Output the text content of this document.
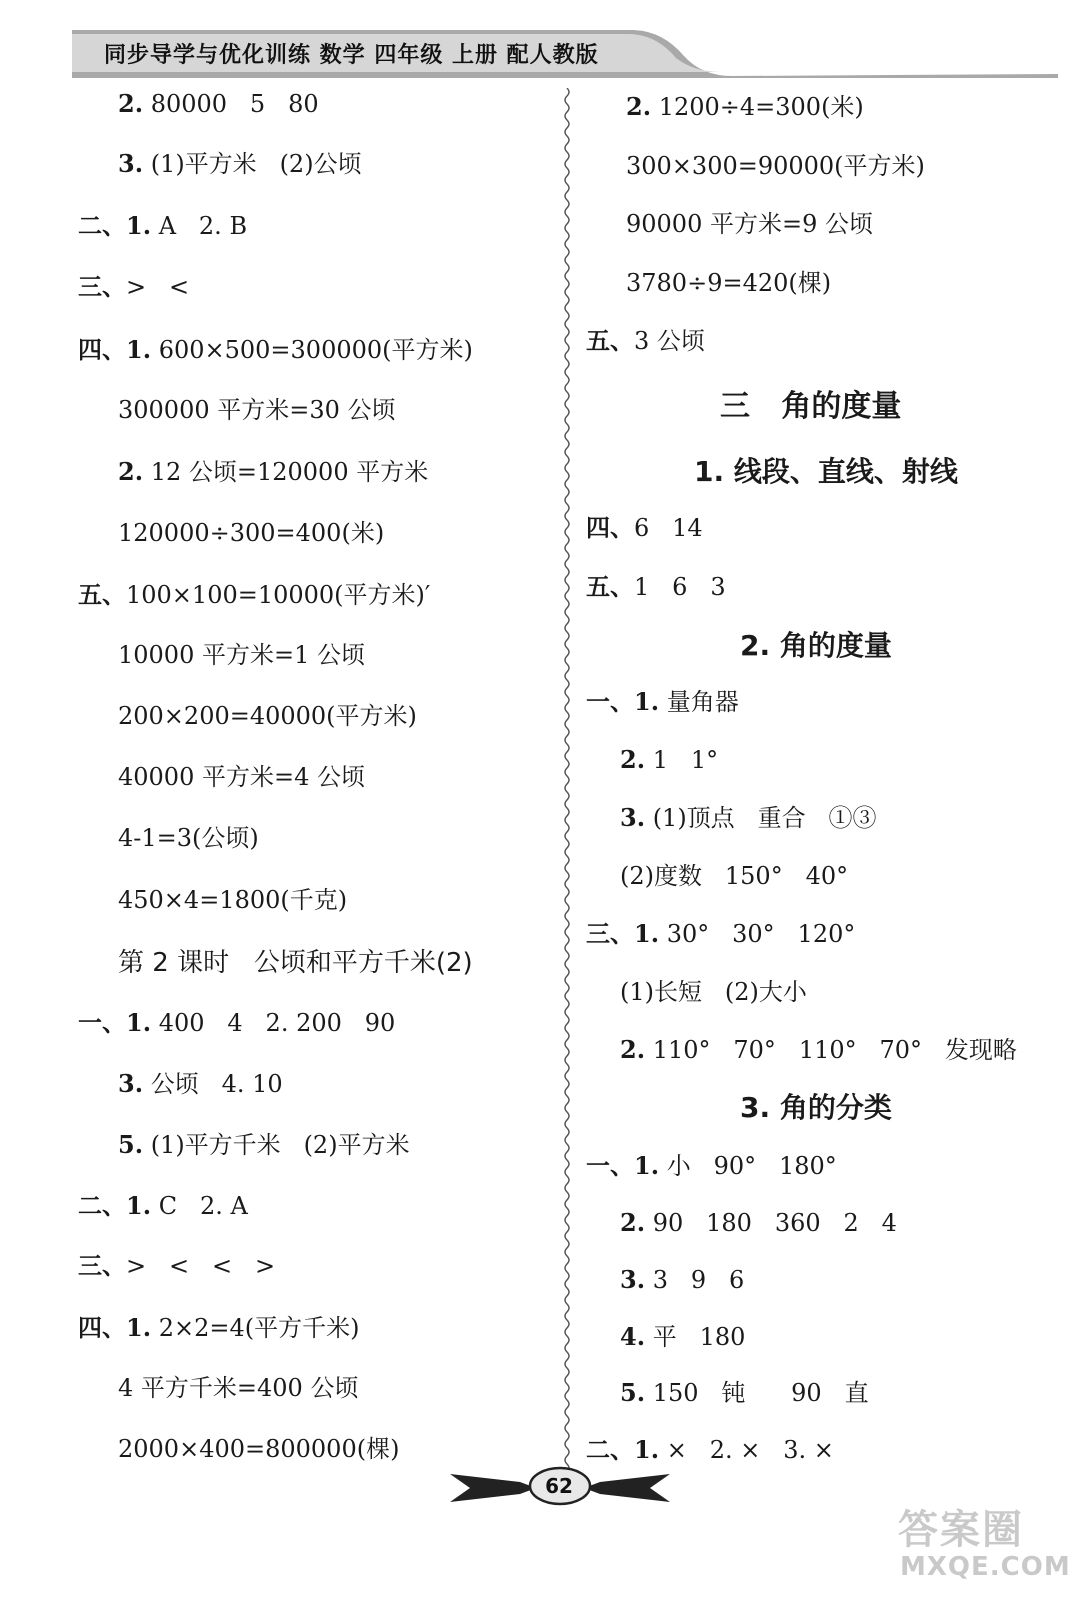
同步导学与优化训练 数学 四年级 上册 配人教版
2. 80000   5   80
3. (1)平方米   (2)公顷
二、1. A   2. B
三、>   <
四、1. 600×500=300000(平方米)
300000 平方米=30 公顷
2. 12 公顷=120000 平方米
120000÷300=400(米)
五、100×100=10000(平方米)′
10000 平方米=1 公顷
200×200=40000(平方米)
40000 平方米=4 公顷
4-1=3(公顷)
450×4=1800(千克)
第 2 课时   公顷和平方千米(2)
一、1. 400   4   2. 200   90
3. 公顷   4. 10
5. (1)平方千米   (2)平方米
二、1. C   2. A
三、>   <   <   >
四、1. 2×2=4(平方千米)
4 平方千米=400 公顷
2000×400=800000(棵)
2. 1200÷4=300(米)
300×300=90000(平方米)
90000 平方米=9 公顷
3780÷9=420(棵)
五、3 公顷
三   角的度量
1. 线段、直线、射线
四、6   14
五、1   6   3
2. 角的度量
一、1. 量角器
2. 1   1°
3. (1)顶点   重合   ①③
(2)度数   150°   40°
三、1. 30°   30°   120°
(1)长短   (2)大小
2. 110°   70°   110°   70°   发现略
3. 角的分类
一、1. 小   90°   180°
2. 90   180   360   2   4
3. 3   9   6
4. 平   180
5. 150   钝      90   直
二、1. ×   2. ×   3. ×
62
答案圈
MXQE.COM
